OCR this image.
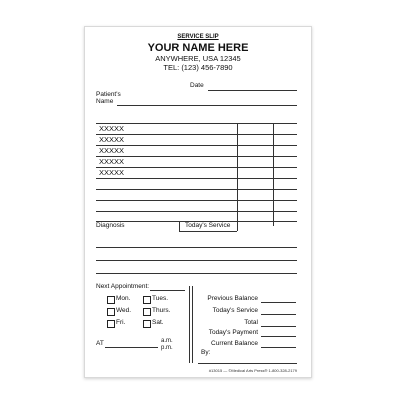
SERVICE SLIP
YOUR NAME HERE
ANYWHERE, USA 12345
TEL: (123) 456-7890
Date
Patient's
Name
XXXXX
XXXXX
XXXXX
XXXXX
XXXXX
Diagnosis	Today's Service
Next Appointment:
Mon.	Tues.
Wed.	Thurs.
Fri.	Sat.
AT	a.m.
p.m.
Previous Balance
Today's Service
Total
Today's Payment
Current Balance
By:
#13015 — ©Medical Arts Press® 1-800-328-2179
